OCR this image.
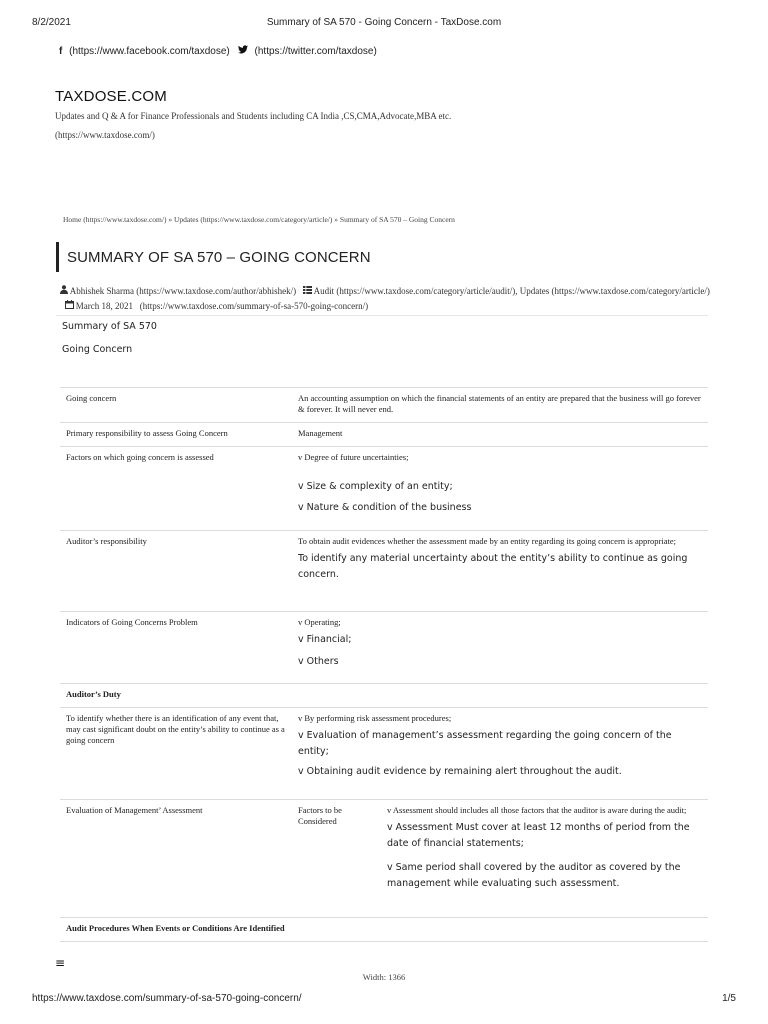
8/2/2021	Summary of SA 570 - Going Concern - TaxDose.com
f (https://www.facebook.com/taxdose)	(https://twitter.com/taxdose)
TAXDOSE.COM
Updates and Q & A for Finance Professionals and Students including CA India ,CS,CMA,Advocate,MBA etc.
(https://www.taxdose.com/)
Home (https://www.taxdose.com/) » Updates (https://www.taxdose.com/category/article/) » Summary of SA 570 – Going Concern
SUMMARY OF SA 570 – GOING CONCERN
Abhishek Sharma (https://www.taxdose.com/author/abhishek/) Audit (https://www.taxdose.com/category/article/audit/), Updates (https://www.taxdose.com/category/article/)    March 18, 2021 (https://www.taxdose.com/summary-of-sa-570-going-concern/)
Summary of SA 570
Going Concern
Going concern	An accounting assumption on which the financial statements of an entity are prepared that the business will go forever & forever. It will never end.	
Primary responsibility to assess Going Concern	Management	
Factors on which going concern is assessed	v Degree of future uncertainties;
v Size & complexity of an entity;
v Nature & condition of the business	

Auditor’s responsibility	To obtain audit evidences whether the assessment made by an entity regarding its going concern is appropriate;
To identify any material uncertainty about the entity’s ability to continue as going concern.	

Indicators of Going Concerns Problem	v Operating;
v Financial;
v Others	

Auditor’s Duty		
To identify whether there is an identification of any event that, may cast significant doubt on the entity’s ability to continue as a going concern	v By performing risk assessment procedures;
v Evaluation of management’s assessment regarding the going concern of the entity;
v Obtaining audit evidence by remaining alert throughout the audit.	

Evaluation of Management’ Assessment	Factors to be Considered	v Assessment should includes all those factors that the auditor is aware during the audit;
v Assessment Must cover at least 12 months of period from the date of financial statements;
v Same period shall covered by the auditor as covered by the management while evaluating such assessment.

Audit Procedures When Events or Conditions Are Identified		
≡
Width: 1366
https://www.taxdose.com/summary-of-sa-570-going-concern/	1/5
